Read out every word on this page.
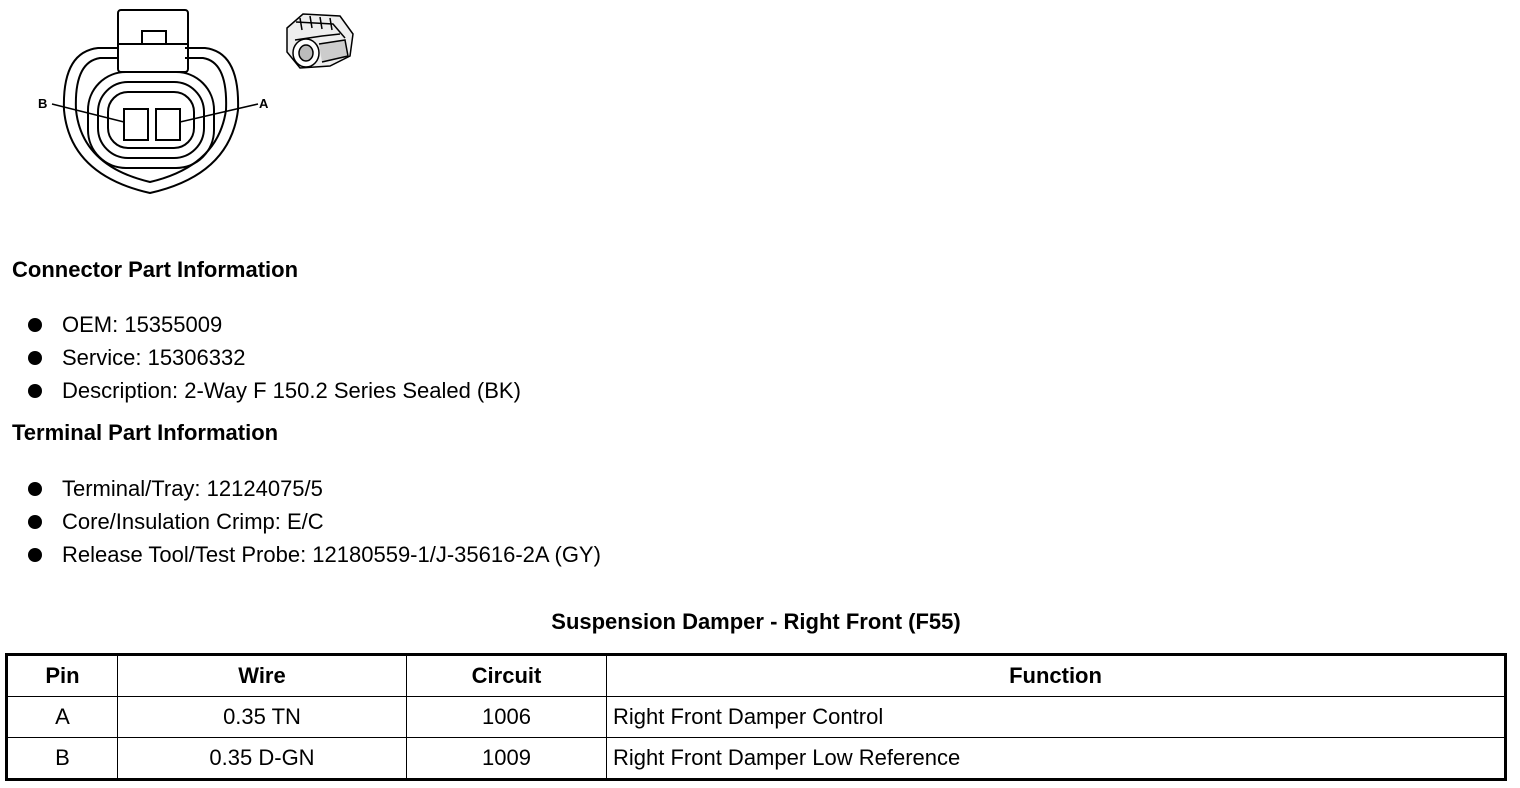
B	A
Connector Part Information
OEM: 15355009
Service: 15306332
Description: 2-Way F 150.2 Series Sealed (BK)
Terminal Part Information
Terminal/Tray: 12124075/5
Core/Insulation Crimp: E/C
Release Tool/Test Probe: 12180559-1/J-35616-2A (GY)
Suspension Damper - Right Front (F55)
Pin	Wire	Circuit	Function
A	0.35 TN	1006	Right Front Damper Control
B	0.35 D-GN	1009	Right Front Damper Low Reference
